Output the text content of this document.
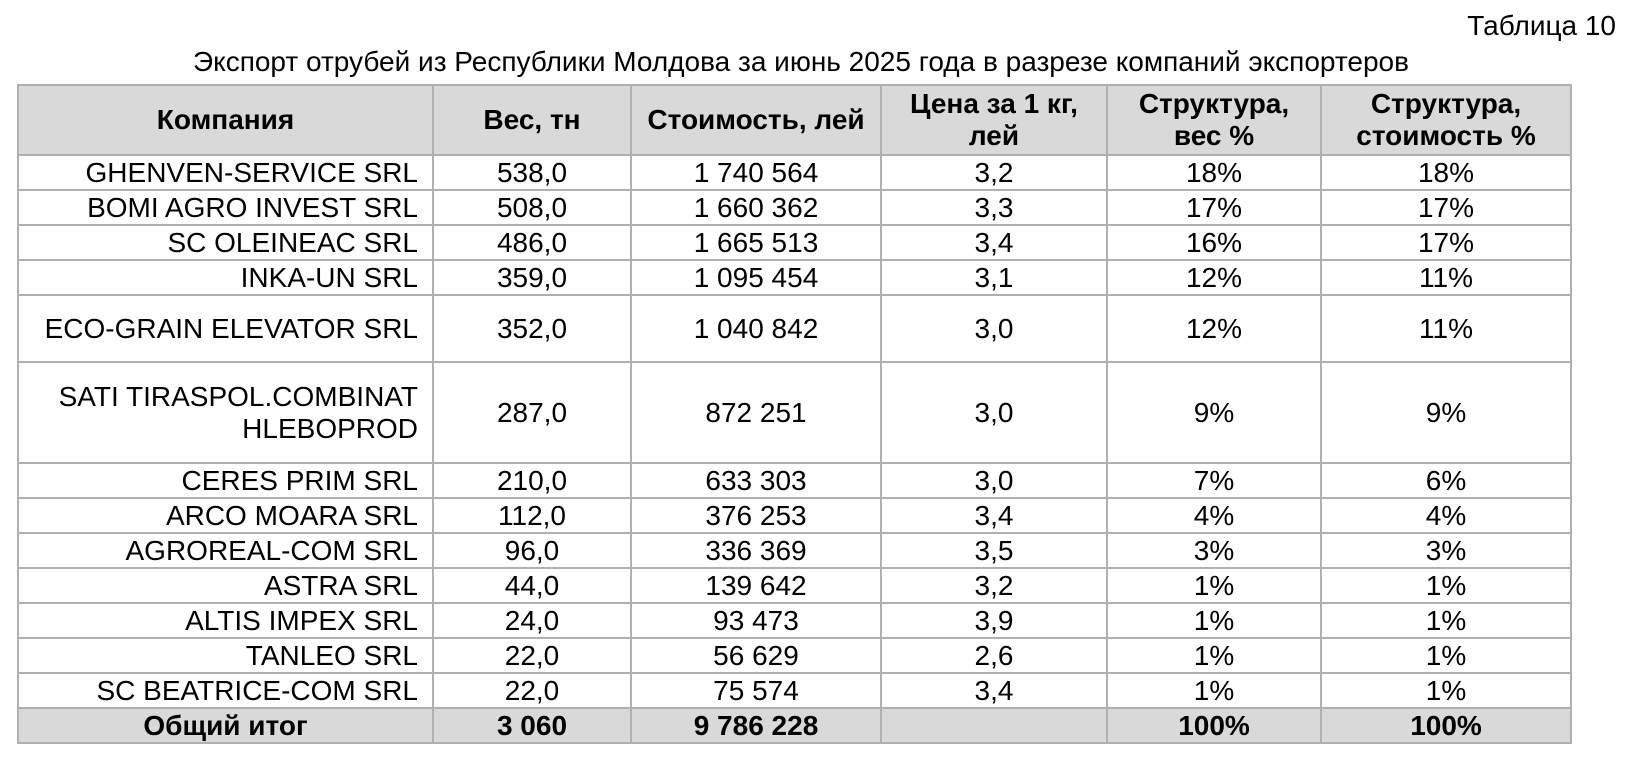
Таблица 10
Экспорт отрубей из Республики Молдова за июнь 2025 года в разрезе компаний экспортеров
Компания	Вес, тн	Стоимость, лей	Цена за 1 кг, лей	Структура, вес %	Структура, стоимость %
GHENVEN-SERVICE SRL	538,0	1 740 564	3,2	18%	18%
BOMI AGRO INVEST SRL	508,0	1 660 362	3,3	17%	17%
SC OLEINEAC SRL	486,0	1 665 513	3,4	16%	17%
INKA-UN SRL	359,0	1 095 454	3,1	12%	11%
ECO-GRAIN ELEVATOR SRL	352,0	1 040 842	3,0	12%	11%
SATI TIRASPOL.COMBINAT HLEBOPROD	287,0	872 251	3,0	9%	9%
CERES PRIM SRL	210,0	633 303	3,0	7%	6%
ARCO MOARA SRL	112,0	376 253	3,4	4%	4%
AGROREAL-COM SRL	96,0	336 369	3,5	3%	3%
ASTRA SRL	44,0	139 642	3,2	1%	1%
ALTIS IMPEX SRL	24,0	93 473	3,9	1%	1%
TANLEO SRL	22,0	56 629	2,6	1%	1%
SC BEATRICE-COM SRL	22,0	75 574	3,4	1%	1%
Общий итог	3 060	9 786 228		100%	100%
